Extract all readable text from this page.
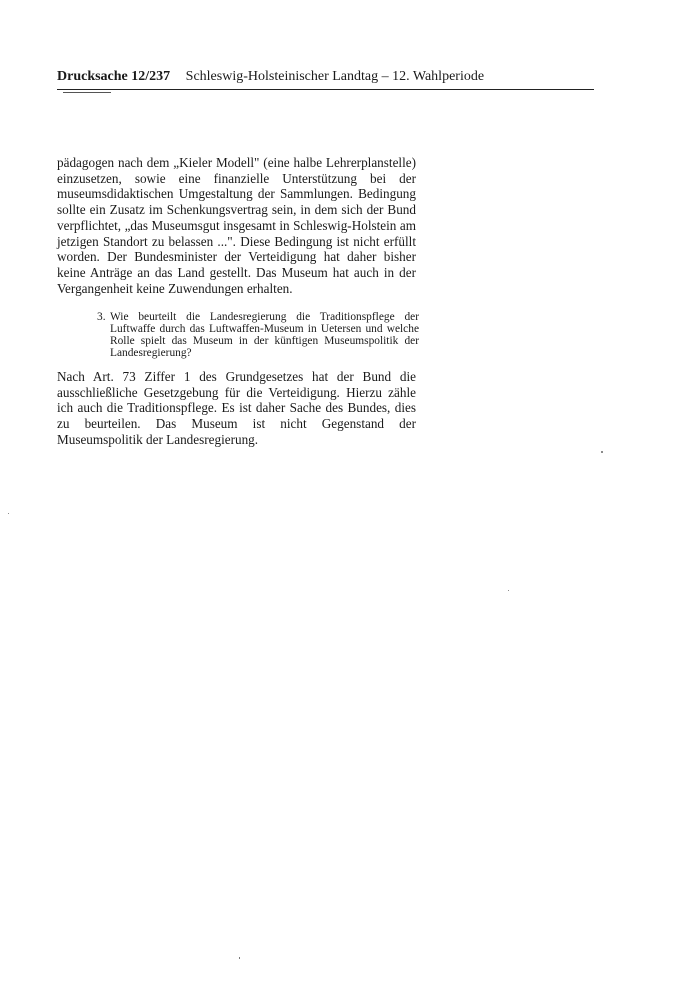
Drucksache 12/237 Schleswig-Holsteinischer Landtag – 12. Wahlperiode

pädagogen nach dem „Kieler Modell" (eine halbe Lehrerplanstelle) einzusetzen, sowie eine finanzielle Unterstützung bei der museumsdidaktischen Umgestaltung der Sammlungen. Bedingung sollte ein Zusatz im Schenkungsvertrag sein, in dem sich der Bund verpflichtet, „das Museumsgut insgesamt in Schleswig-Holstein am jetzigen Standort zu belassen ...". Diese Bedingung ist nicht erfüllt worden. Der Bundesminister der Verteidigung hat daher bisher keine Anträge an das Land gestellt. Das Museum hat auch in der Vergangenheit keine Zuwendungen erhalten.

3. Wie beurteilt die Landesregierung die Traditionspflege der Luftwaffe durch das Luftwaffen-Museum in Uetersen und welche Rolle spielt das Museum in der künftigen Museumspolitik der Landesregierung?

Nach Art. 73 Ziffer 1 des Grundgesetzes hat der Bund die ausschließliche Gesetzgebung für die Verteidigung. Hierzu zähle ich auch die Traditionspflege. Es ist daher Sache des Bundes, dies zu beurteilen. Das Museum ist nicht Gegenstand der Museumspolitik der Landesregierung.
